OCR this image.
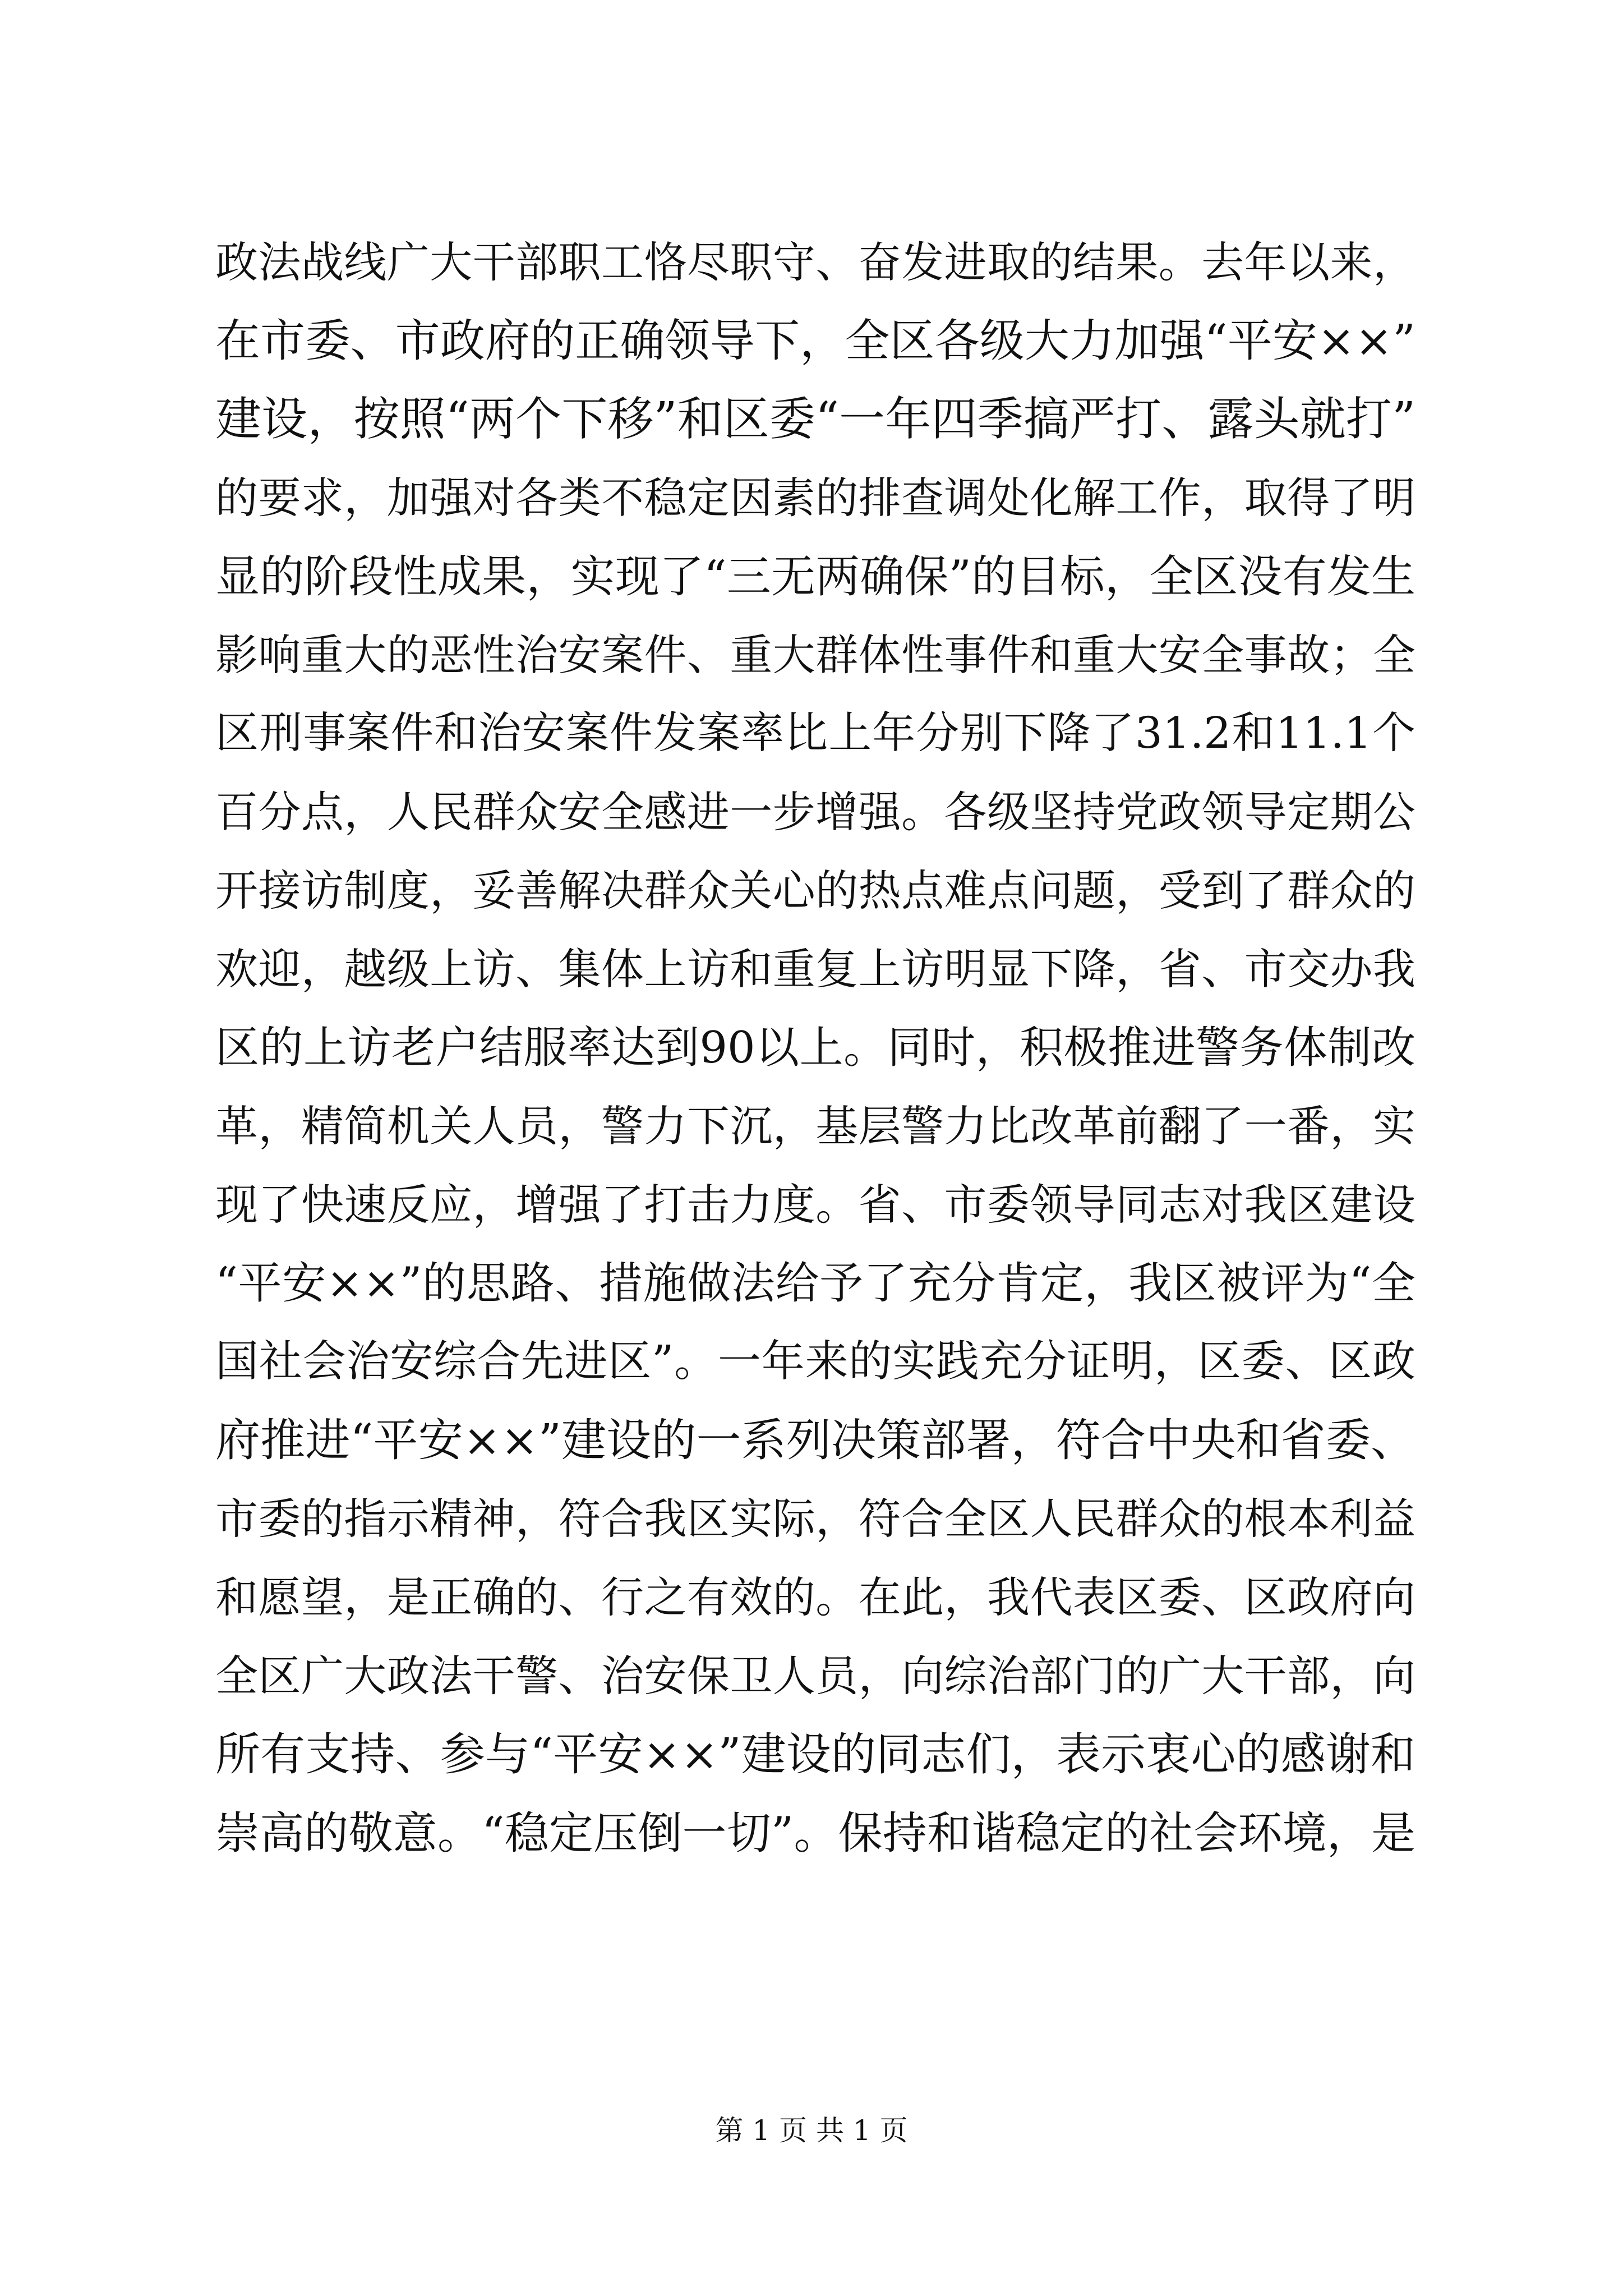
政法战线广大干部职工恪尽职守、奋发进取的结果。去年以来，
在市委、市政府的正确领导下，全区各级大力加强“平安××”
建设，按照“两个下移”和区委“一年四季搞严打、露头就打”
的要求，加强对各类不稳定因素的排查调处化解工作，取得了明
显的阶段性成果，实现了“三无两确保”的目标，全区没有发生
影响重大的恶性治安案件、重大群体性事件和重大安全事故；全
区刑事案件和治安案件发案率比上年分别下降了31.2和11.1个
百分点，人民群众安全感进一步增强。各级坚持党政领导定期公
开接访制度，妥善解决群众关心的热点难点问题，受到了群众的
欢迎，越级上访、集体上访和重复上访明显下降，省、市交办我
区的上访老户结服率达到90以上。同时，积极推进警务体制改
革，精简机关人员，警力下沉，基层警力比改革前翻了一番，实
现了快速反应，增强了打击力度。省、市委领导同志对我区建设
“平安××”的思路、措施做法给予了充分肯定，我区被评为“全
国社会治安综合先进区”。一年来的实践充分证明，区委、区政
府推进“平安××”建设的一系列决策部署，符合中央和省委、
市委的指示精神，符合我区实际，符合全区人民群众的根本利益
和愿望，是正确的、行之有效的。在此，我代表区委、区政府向
全区广大政法干警、治安保卫人员，向综治部门的广大干部，向
所有支持、参与“平安××”建设的同志们，表示衷心的感谢和
崇高的敬意。“稳定压倒一切”。保持和谐稳定的社会环境，是
第 1 页 共 1 页
